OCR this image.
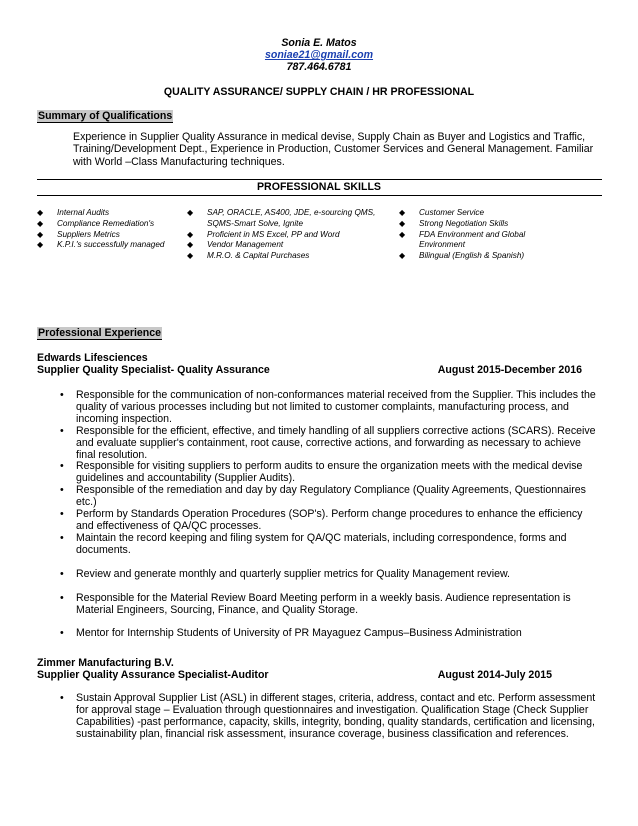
Sonia E. Matos
soniae21@gmail.com
787.464.6781
QUALITY ASSURANCE/ SUPPLY CHAIN / HR PROFESSIONAL
Summary of Qualifications
Experience in Supplier Quality Assurance in medical devise, Supply Chain as Buyer and Logistics and Traffic, Training/Development Dept., Experience in Production, Customer Services and General Management. Familiar with World –Class Manufacturing techniques.
PROFESSIONAL SKILLS
◆ Internal Audits
◆ Compliance Remediation's
◆ Suppliers Metrics
◆ K.P.I.'s successfully managed
◆ SAP, ORACLE, AS400, JDE, e-sourcing QMS, SQMS-Smart Solve, Ignite
◆ Proficient in MS Excel, PP and Word
◆ Vendor Management
◆ M.R.O. & Capital Purchases
◆ Customer Service
◆ Strong Negotiation Skills
◆ FDA Environment and Global Environment
◆ Bilingual (English & Spanish)
Professional Experience
Edwards Lifesciences
Supplier Quality Specialist- Quality Assurance	August 2015-December 2016
• Responsible for the communication of non-conformances material received from the Supplier. This includes the quality of various processes including but not limited to customer complaints, manufacturing process, and incoming inspection.
• Responsible for the efficient, effective, and timely handling of all suppliers corrective actions (SCARS). Receive and evaluate supplier's containment, root cause, corrective actions, and forwarding as necessary to achieve final resolution.
• Responsible for visiting suppliers to perform audits to ensure the organization meets with the medical devise guidelines and accountability (Supplier Audits).
• Responsible of the remediation and day by day Regulatory Compliance (Quality Agreements, Questionnaires etc.)
• Perform by Standards Operation Procedures (SOP's). Perform change procedures to enhance the efficiency and effectiveness of QA/QC processes.
• Maintain the record keeping and filing system for QA/QC materials, including correspondence, forms and documents.
• Review and generate monthly and quarterly supplier metrics for Quality Management review.
• Responsible for the Material Review Board Meeting perform in a weekly basis. Audience representation is Material Engineers, Sourcing, Finance, and Quality Storage.
• Mentor for Internship Students of University of PR Mayaguez Campus–Business Administration
Zimmer Manufacturing B.V.
Supplier Quality Assurance Specialist-Auditor	August 2014-July 2015
• Sustain Approval Supplier List (ASL) in different stages, criteria, address, contact and etc. Perform assessment for approval stage – Evaluation through questionnaires and investigation. Qualification Stage (Check Supplier Capabilities) -past performance, capacity, skills, integrity, bonding, quality standards, certification and licensing, sustainability plan, financial risk assessment, insurance coverage, business classification and references.
